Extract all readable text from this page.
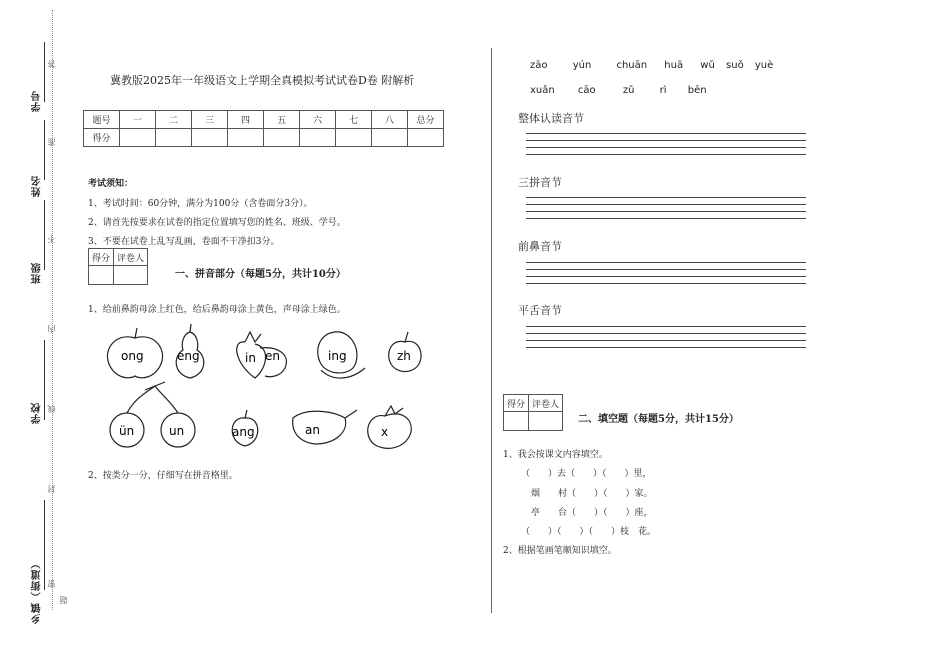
学号
姓名
班级
学校
乡镇（街道） 密
封
线
内
不
准
答
题
冀教版2025年一年级语文上学期全真模拟考试试卷D卷 附解析
题号	一	二	三	四	五	六	七	八	总分
得分									
考试须知：
1、考试时间：60分钟，满分为100分（含卷面分3分）。
2、请首先按要求在试卷的指定位置填写您的姓名、班级、学号。
3、不要在试卷上乱写乱画，卷面不干净扣3分。
得分	评卷人

一、拼音部分（每题5分，共计10分）
1、给前鼻韵母涂上红色，给后鼻韵母涂上黄色，声母涂上绿色。
ong	eng	in en	ing	zh
ün	un	ang	an	x
2、按类分一分，仔细写在拼音格里。
zāo	yún	chuān huā wǔ suǒ yuè
xuǎn cāo	zǔ	rì bēn
整体认读音节
三拼音节
前鼻音节
平舌音节
得分	评卷人

二、填空题（每题5分，共计15分）
1、我会按课文内容填空。
（　　）去（　　）（　　）里，
烟　　村（　　）（　　）家。
亭　　台（　　）（　　）座，
（　　）（　　）（　　）枝　花。
2、根据笔画笔顺知识填空。
